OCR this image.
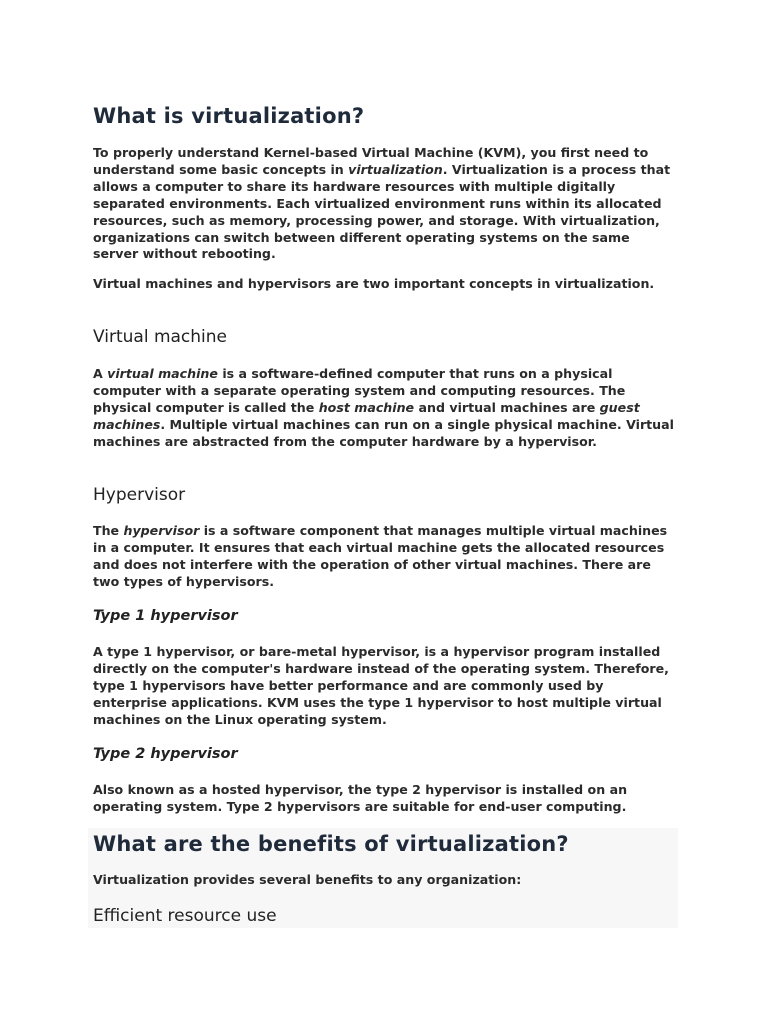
What is virtualization?

To properly understand Kernel-based Virtual Machine (KVM), you first need to understand some basic concepts in virtualization. Virtualization is a process that allows a computer to share its hardware resources with multiple digitally separated environments. Each virtualized environment runs within its allocated resources, such as memory, processing power, and storage. With virtualization, organizations can switch between different operating systems on the same server without rebooting.

Virtual machines and hypervisors are two important concepts in virtualization.

Virtual machine

A virtual machine is a software-defined computer that runs on a physical computer with a separate operating system and computing resources. The physical computer is called the host machine and virtual machines are guest machines. Multiple virtual machines can run on a single physical machine. Virtual machines are abstracted from the computer hardware by a hypervisor.

Hypervisor

The hypervisor is a software component that manages multiple virtual machines in a computer. It ensures that each virtual machine gets the allocated resources and does not interfere with the operation of other virtual machines. There are two types of hypervisors.

Type 1 hypervisor

A type 1 hypervisor, or bare-metal hypervisor, is a hypervisor program installed directly on the computer's hardware instead of the operating system. Therefore, type 1 hypervisors have better performance and are commonly used by enterprise applications. KVM uses the type 1 hypervisor to host multiple virtual machines on the Linux operating system.

Type 2 hypervisor

Also known as a hosted hypervisor, the type 2 hypervisor is installed on an operating system. Type 2 hypervisors are suitable for end-user computing.

What are the benefits of virtualization?

Virtualization provides several benefits to any organization:

Efficient resource use
